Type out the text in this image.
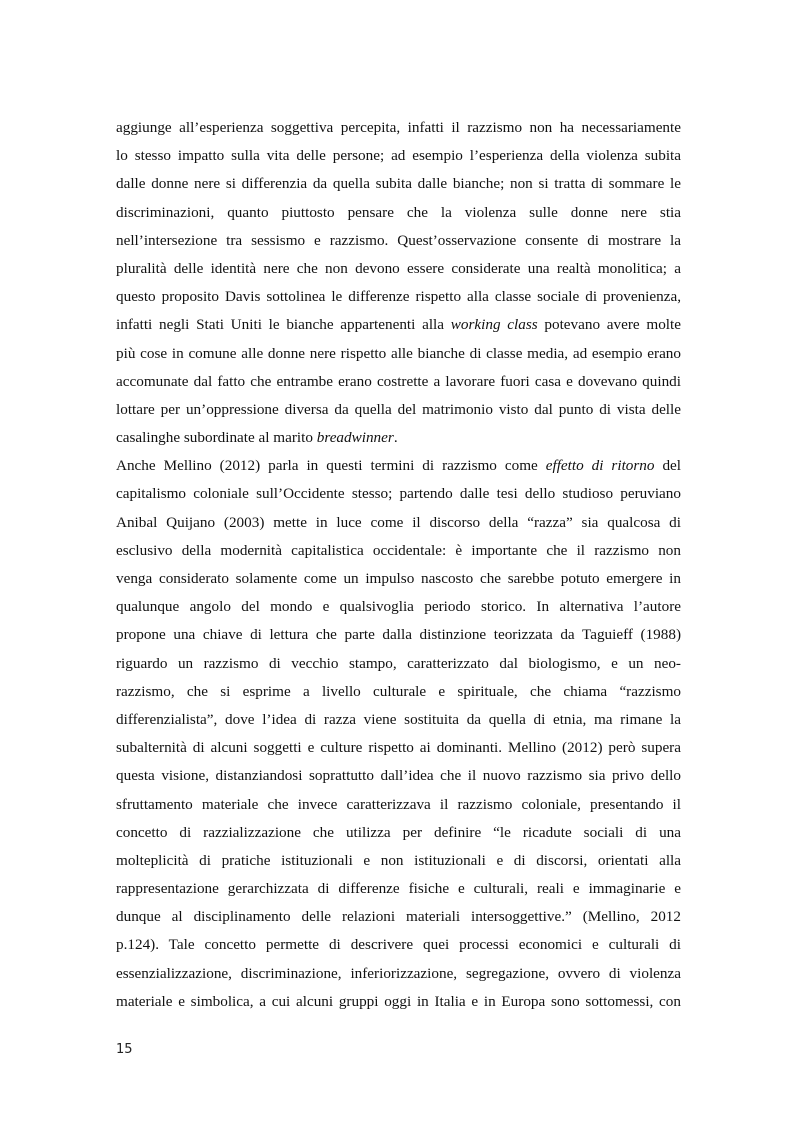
aggiunge all’esperienza soggettiva percepita, infatti il razzismo non ha necessariamente
lo stesso impatto sulla vita delle persone; ad esempio l’esperienza della violenza subita
dalle donne nere si differenzia da quella subita dalle bianche; non si tratta di sommare le
discriminazioni, quanto piuttosto pensare che la violenza sulle donne nere stia
nell’intersezione tra sessismo e razzismo. Quest’osservazione consente di mostrare la
pluralità delle identità nere che non devono essere considerate una realtà monolitica; a
questo proposito Davis sottolinea le differenze rispetto alla classe sociale di provenienza,
infatti negli Stati Uniti le bianche appartenenti alla working class potevano avere molte
più cose in comune alle donne nere rispetto alle bianche di classe media, ad esempio erano
accomunate dal fatto che entrambe erano costrette a lavorare fuori casa e dovevano quindi
lottare per un’oppressione diversa da quella del matrimonio visto dal punto di vista delle
casalinghe subordinate al marito breadwinner.

Anche Mellino (2012) parla in questi termini di razzismo come effetto di ritorno del
capitalismo coloniale sull’Occidente stesso; partendo dalle tesi dello studioso peruviano
Anibal Quijano (2003) mette in luce come il discorso della “razza” sia qualcosa di
esclusivo della modernità capitalistica occidentale: è importante che il razzismo non
venga considerato solamente come un impulso nascosto che sarebbe potuto emergere in
qualunque angolo del mondo e qualsivoglia periodo storico. In alternativa l’autore
propone una chiave di lettura che parte dalla distinzione teorizzata da Taguieff (1988)
riguardo un razzismo di vecchio stampo, caratterizzato dal biologismo, e un neo-
razzismo, che si esprime a livello culturale e spirituale, che chiama “razzismo
differenzialista”, dove l’idea di razza viene sostituita da quella di etnia, ma rimane la
subalternità di alcuni soggetti e culture rispetto ai dominanti. Mellino (2012) però supera
questa visione, distanziandosi soprattutto dall’idea che il nuovo razzismo sia privo dello
sfruttamento materiale che invece caratterizzava il razzismo coloniale, presentando il
concetto di razzializzazione che utilizza per definire “le ricadute sociali di una
molteplicità di pratiche istituzionali e non istituzionali e di discorsi, orientati alla
rappresentazione gerarchizzata di differenze fisiche e culturali, reali e immaginarie e
dunque al disciplinamento delle relazioni materiali intersoggettive.” (Mellino, 2012
p.124). Tale concetto permette di descrivere quei processi economici e culturali di
essenzializzazione, discriminazione, inferiorizzazione, segregazione, ovvero di violenza
materiale e simbolica, a cui alcuni gruppi oggi in Italia e in Europa sono sottomessi, con

15
